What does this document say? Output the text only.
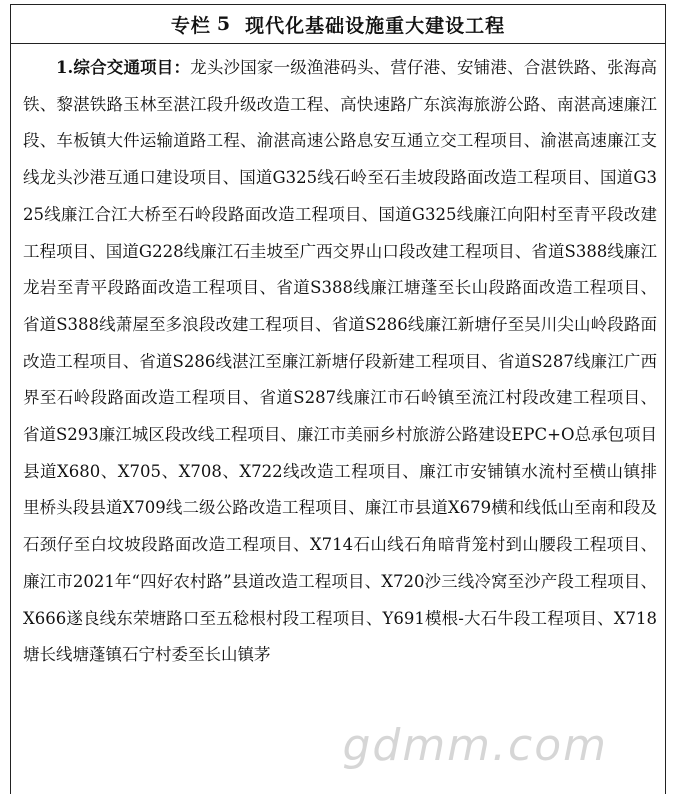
专栏 5 现代化基础设施重大建设工程
1.综合交通项目：龙头沙国家一级渔港码头、营仔港、安铺港、合湛铁路、张海高铁、黎湛铁路玉林至湛江段升级改造工程、高快速路广东滨海旅游公路、南湛高速廉江段、车板镇大件运输道路工程、渝湛高速公路息安互通立交工程项目、渝湛高速廉江支线龙头沙港互通口建设项目、国道G325线石岭至石圭坡段路面改造工程项目、国道G325线廉江合江大桥至石岭段路面改造工程项目、国道G325线廉江向阳村至青平段改建工程项目、国道G228线廉江石圭坡至广西交界山口段改建工程项目、省道S388线廉江龙岩至青平段路面改造工程项目、省道S388线廉江塘蓬至长山段路面改造工程项目、省道S388线萧屋至多浪段改建工程项目、省道S286线廉江新塘仔至吴川尖山岭段路面改造工程项目、省道S286线湛江至廉江新塘仔段新建工程项目、省道S287线廉江广西界至石岭段路面改造工程项目、省道S287线廉江市石岭镇至流江村段改建工程项目、省道S293廉江城区段改线工程项目、廉江市美丽乡村旅游公路建设EPC+O总承包项目县道X680、X705、X708、X722线改造工程项目、廉江市安铺镇水流村至横山镇排里桥头段县道X709线二级公路改造工程项目、廉江市县道X679横和线低山至南和段及石颈仔至白坟坡段路面改造工程项目、X714石山线石角暗背笼村到山腰段工程项目、廉江市2021年“四好农村路”县道改造工程项目、X720沙三线冷窝至沙产段工程项目、X666遂良线东荣塘路口至五稔根村段工程项目、Y691模根-大石牛段工程项目、X718塘长线塘蓬镇石宁村委至长山镇茅
gdmm.com
